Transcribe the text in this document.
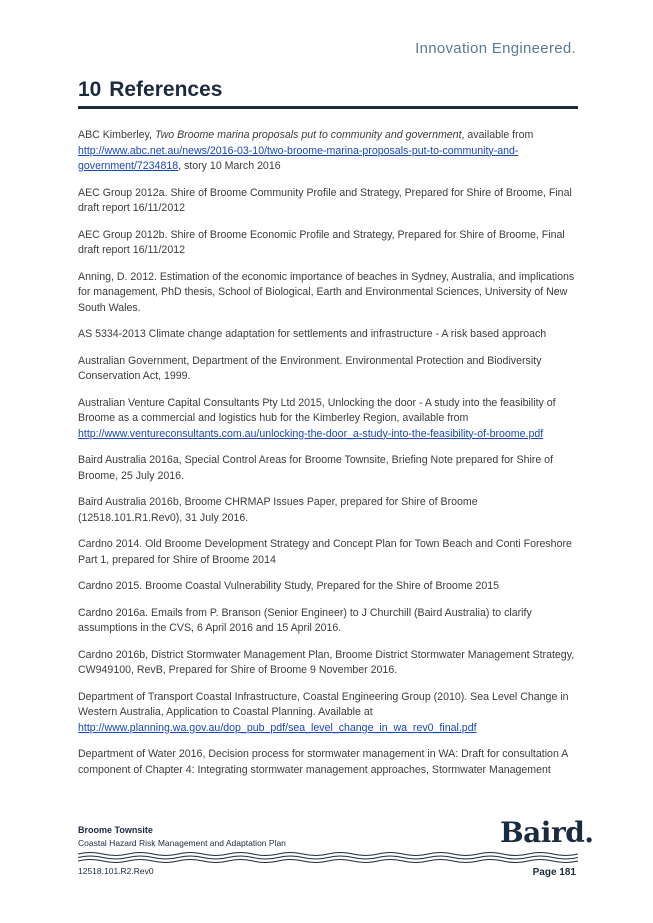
Innovation Engineered.
10 References

ABC Kimberley, Two Broome marina proposals put to community and government, available from http://www.abc.net.au/news/2016-03-10/two-broome-marina-proposals-put-to-community-and-government/7234818, story 10 March 2016

AEC Group 2012a. Shire of Broome Community Profile and Strategy, Prepared for Shire of Broome, Final draft report 16/11/2012

AEC Group 2012b. Shire of Broome Economic Profile and Strategy, Prepared for Shire of Broome, Final draft report 16/11/2012

Anning, D. 2012. Estimation of the economic importance of beaches in Sydney, Australia, and implications for management, PhD thesis, School of Biological, Earth and Environmental Sciences, University of New South Wales.

AS 5334-2013 Climate change adaptation for settlements and infrastructure - A risk based approach

Australian Government, Department of the Environment. Environmental Protection and Biodiversity Conservation Act, 1999.

Australian Venture Capital Consultants Pty Ltd 2015, Unlocking the door - A study into the feasibility of Broome as a commercial and logistics hub for the Kimberley Region, available from http://www.ventureconsultants.com.au/unlocking-the-door_a-study-into-the-feasibility-of-broome.pdf

Baird Australia 2016a, Special Control Areas for Broome Townsite, Briefing Note prepared for Shire of Broome, 25 July 2016.

Baird Australia 2016b, Broome CHRMAP Issues Paper, prepared for Shire of Broome (12518.101.R1.Rev0), 31 July 2016.

Cardno 2014. Old Broome Development Strategy and Concept Plan for Town Beach and Conti Foreshore Part 1, prepared for Shire of Broome 2014

Cardno 2015. Broome Coastal Vulnerability Study, Prepared for the Shire of Broome 2015

Cardno 2016a. Emails from P. Branson (Senior Engineer) to J Churchill (Baird Australia) to clarify assumptions in the CVS, 6 April 2016 and 15 April 2016.

Cardno 2016b, District Stormwater Management Plan, Broome District Stormwater Management Strategy, CW949100, RevB, Prepared for Shire of Broome 9 November 2016.

Department of Transport Coastal Infrastructure, Coastal Engineering Group (2010). Sea Level Change in Western Australia, Application to Coastal Planning. Available at http://www.planning.wa.gov.au/dop_pub_pdf/sea_level_change_in_wa_rev0_final.pdf

Department of Water 2016, Decision process for stormwater management in WA: Draft for consultation A component of Chapter 4: Integrating stormwater management approaches, Stormwater Management

Broome Townsite
Coastal Hazard Risk Management and Adaptation Plan	Baird.
12518.101.R2.Rev0	Page 181
